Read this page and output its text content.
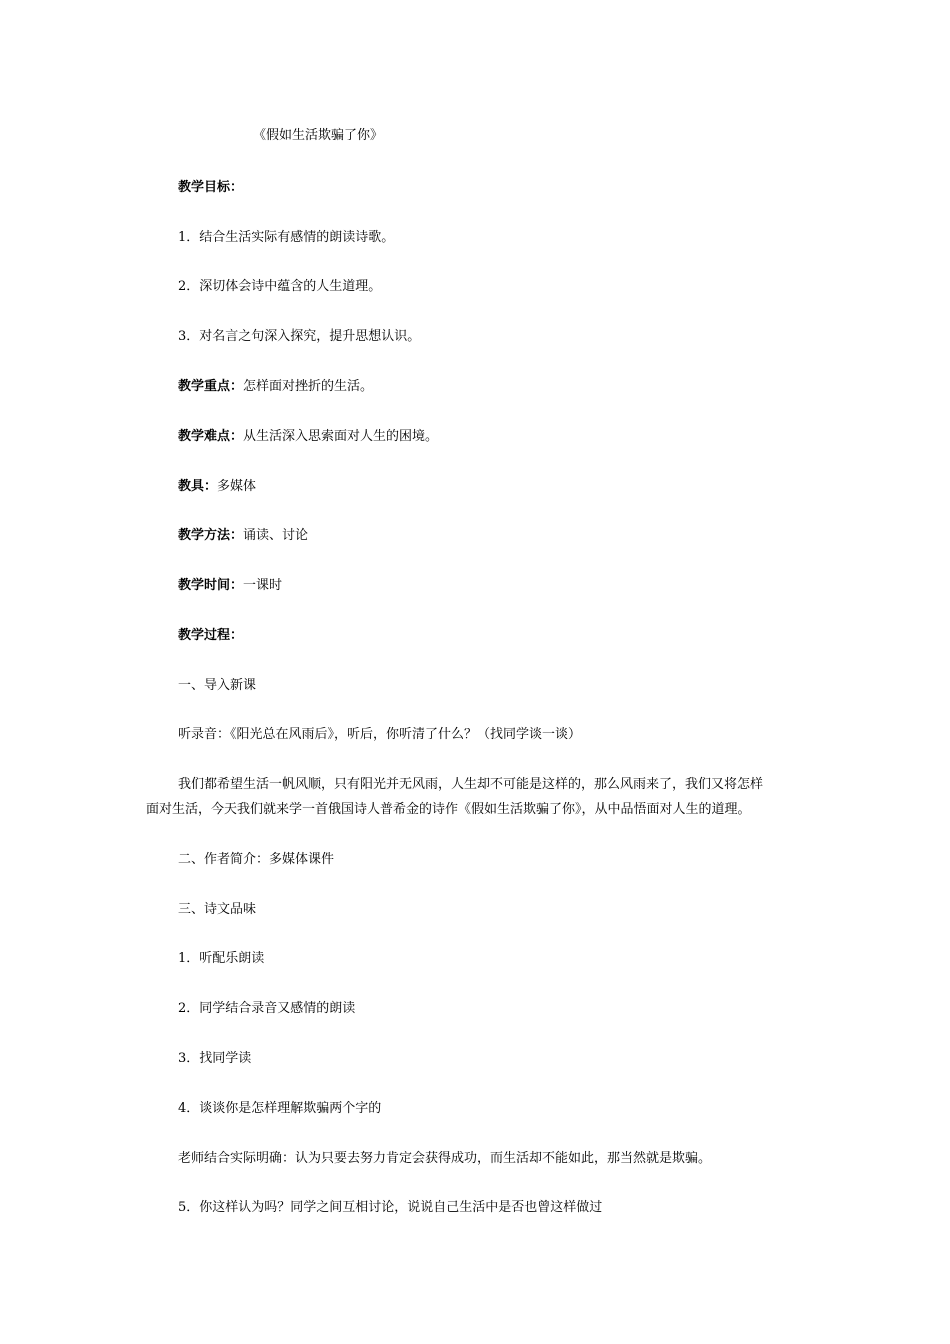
《假如生活欺骗了你》
教学目标：
1．结合生活实际有感情的朗读诗歌。
2．深切体会诗中蕴含的人生道理。
3．对名言之句深入探究，提升思想认识。
教学重点：怎样面对挫折的生活。
教学难点：从生活深入思索面对人生的困境。
教具：多媒体
教学方法：诵读、讨论
教学时间：一课时
教学过程：
一、导入新课
听录音：《阳光总在风雨后》，听后，你听清了什么？（找同学谈一谈）
我们都希望生活一帆风顺，只有阳光并无风雨，人生却不可能是这样的，那么风雨来了，我们又将怎样
面对生活，今天我们就来学一首俄国诗人普希金的诗作《假如生活欺骗了你》，从中品悟面对人生的道理。
二、作者简介：多媒体课件
三、诗文品味
1．听配乐朗读
2．同学结合录音又感情的朗读
3．找同学读
4．谈谈你是怎样理解欺骗两个字的
老师结合实际明确：认为只要去努力肯定会获得成功，而生活却不能如此，那当然就是欺骗。
5．你这样认为吗？同学之间互相讨论，说说自己生活中是否也曾这样做过
